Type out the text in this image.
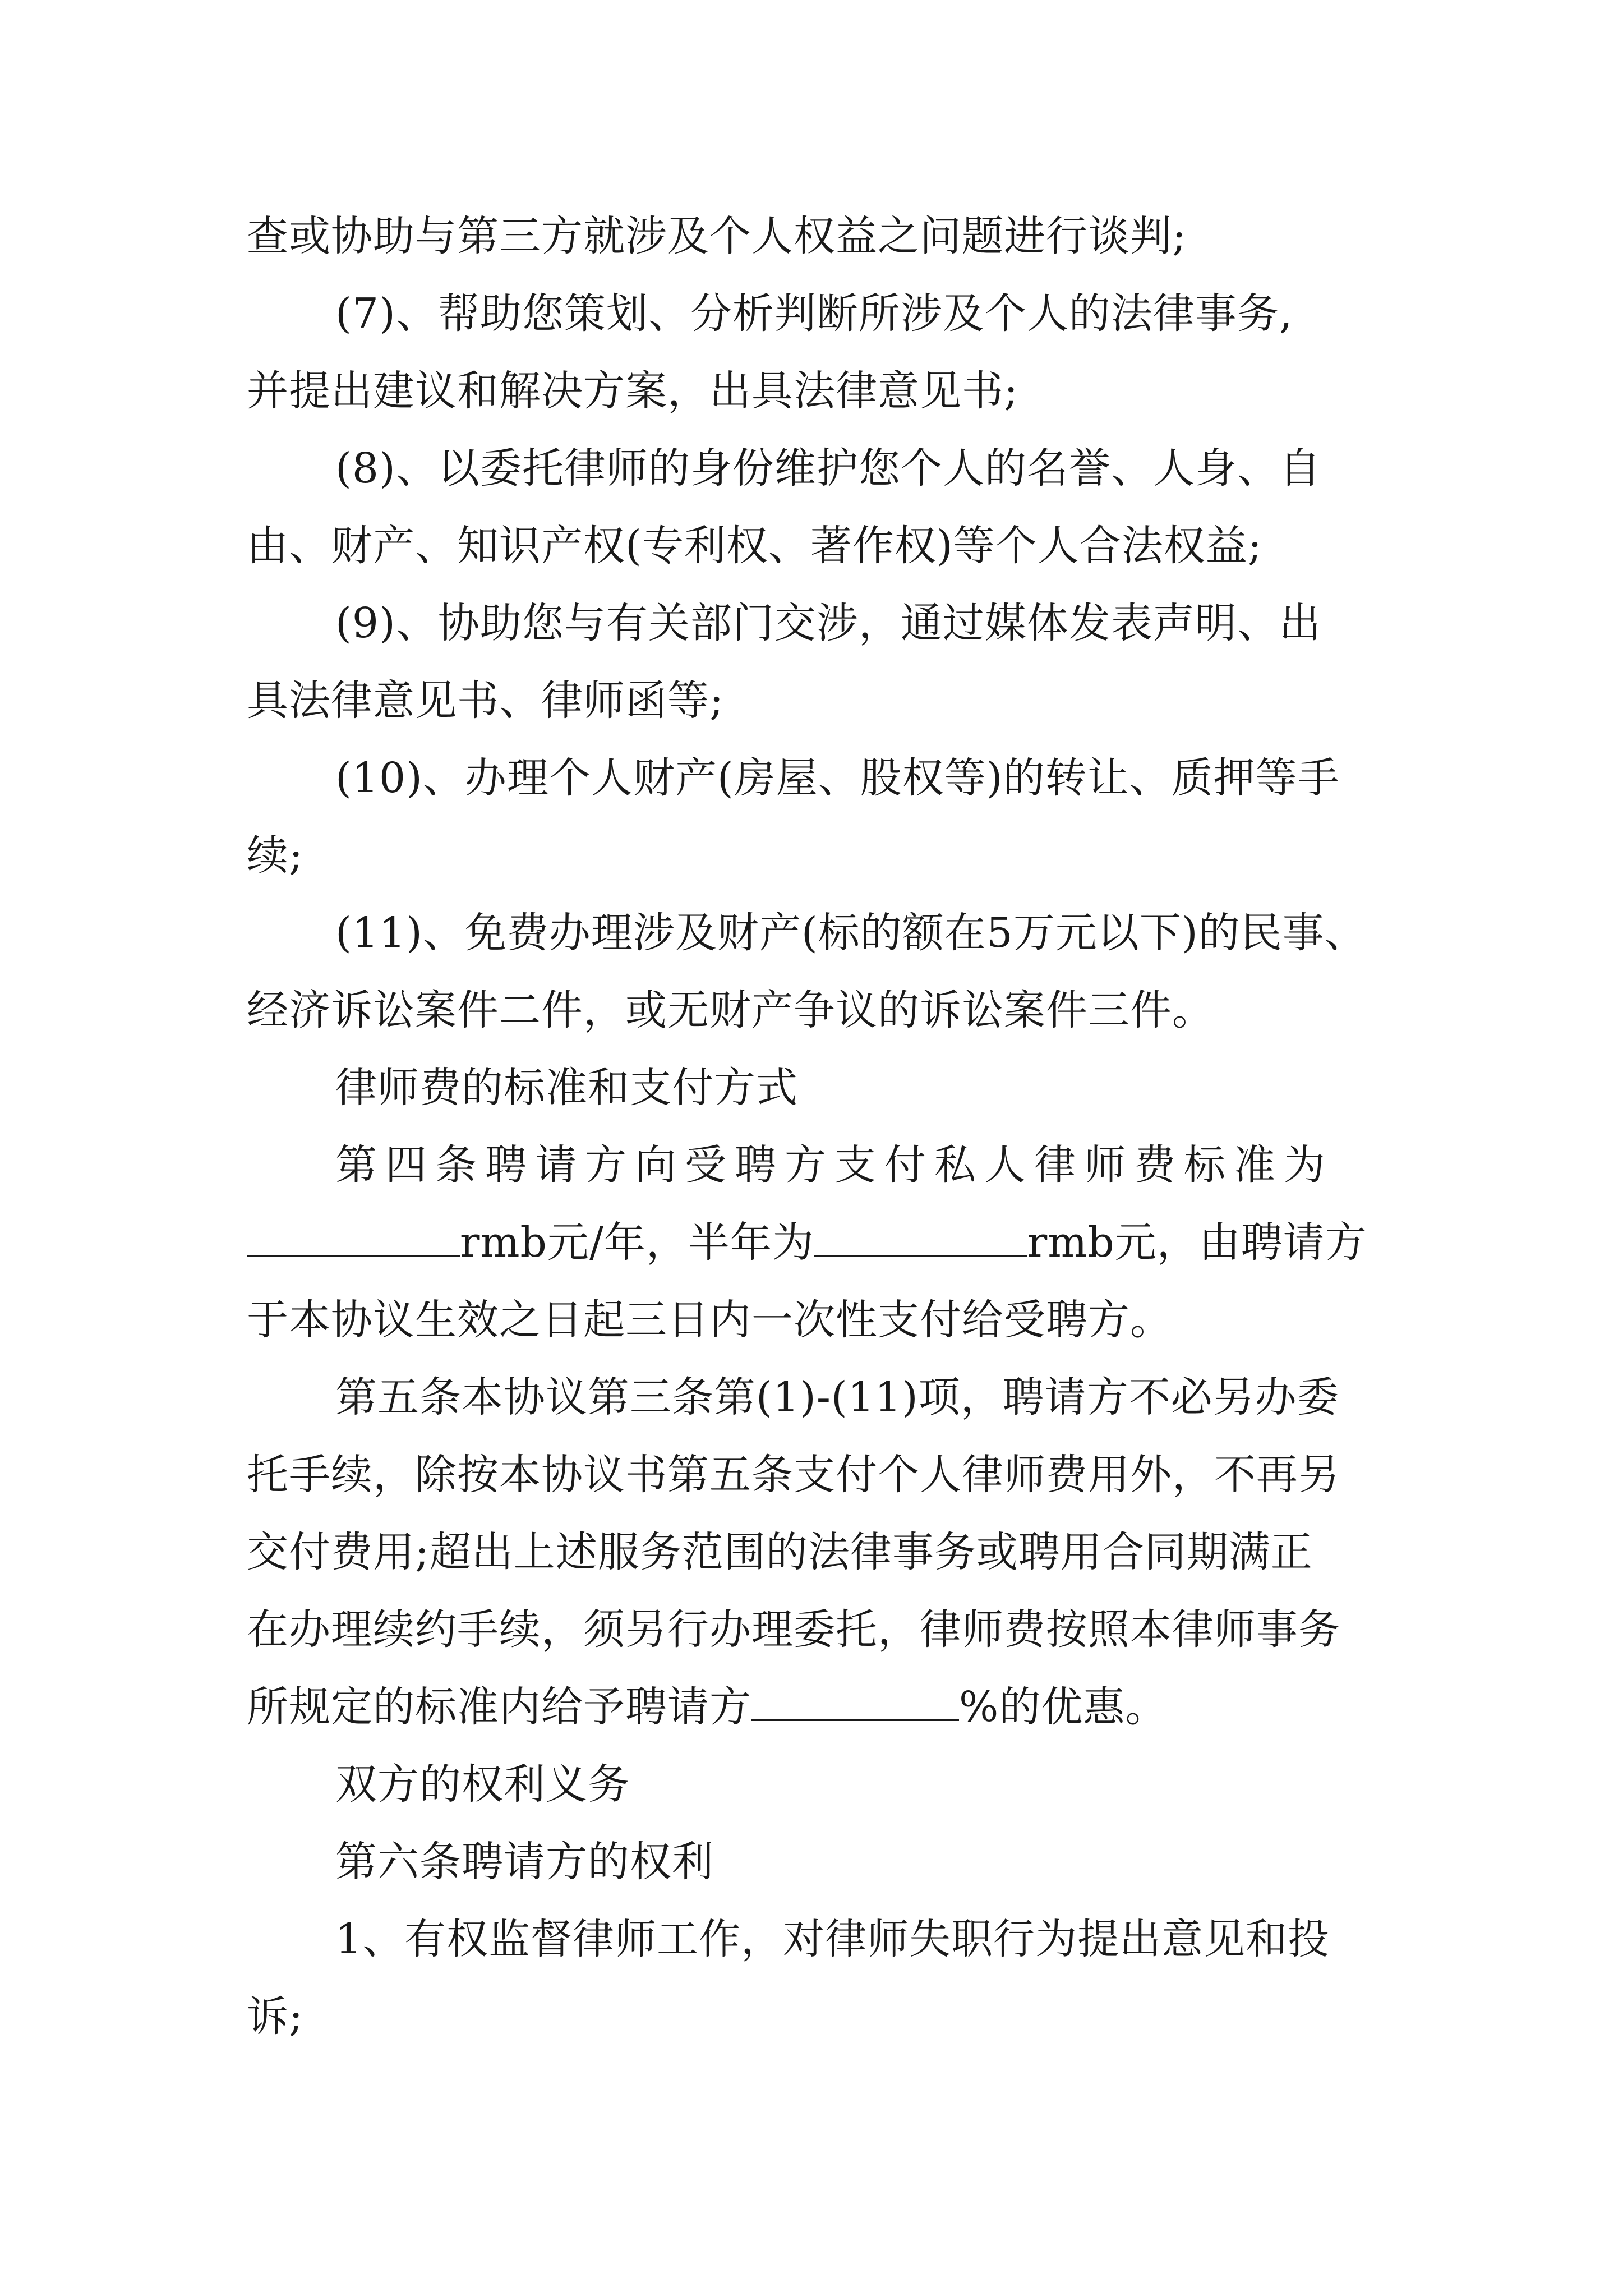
查或协助与第三方就涉及个人权益之问题进行谈判;
(7)、帮助您策划、分析判断所涉及个人的法律事务,
并提出建议和解决方案，出具法律意见书;
(8)、以委托律师的身份维护您个人的名誉、人身、自
由、财产、知识产权(专利权、著作权)等个人合法权益;
(9)、协助您与有关部门交涉，通过媒体发表声明、出
具法律意见书、律师函等;
(10)、办理个人财产(房屋、股权等)的转让、质押等手
续;
(11)、免费办理涉及财产(标的额在5万元以下)的民事、
经济诉讼案件二件，或无财产争议的诉讼案件三件。
律师费的标准和支付方式
第四条聘请方向受聘方支付私人律师费标准为
rmb元/年，半年为	rmb元，由聘请方
于本协议生效之日起三日内一次性支付给受聘方。
第五条本协议第三条第(1)-(11)项，聘请方不必另办委
托手续，除按本协议书第五条支付个人律师费用外，不再另
交付费用;超出上述服务范围的法律事务或聘用合同期满正
在办理续约手续，须另行办理委托，律师费按照本律师事务
所规定的标准内给予聘请方	%的优惠。
双方的权利义务
第六条聘请方的权利
1、有权监督律师工作，对律师失职行为提出意见和投
诉;
